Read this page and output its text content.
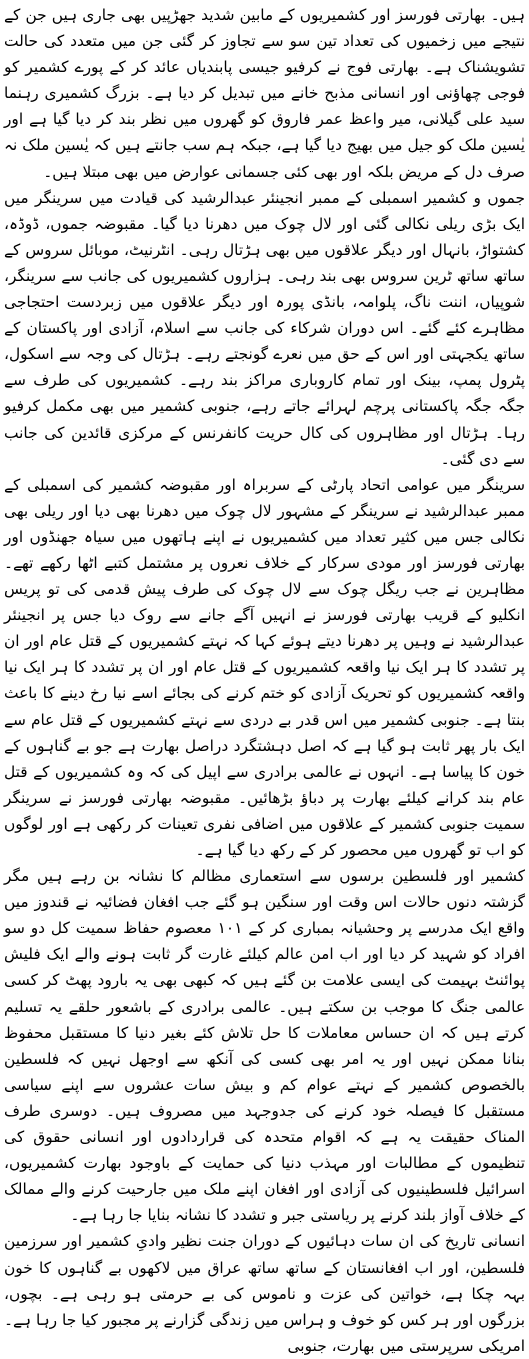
ہیں۔ بھارتی فورسز اور کشمیریوں کے مابین شدید جھڑپیں بھی جاری ہیں جن کے نتیجے میں زخمیوں کی تعداد تین سو سے تجاوز کر گئی جن میں متعدد کی حالت تشویشناک ہے۔ بھارتی فوج نے کرفیو جیسی پابندیاں عائد کر کے پورے کشمیر کو فوجی چھاؤنی اور انسانی مذبح خانے میں تبدیل کر دیا ہے۔ بزرگ کشمیری رہنما سید علی گیلانی، میر واعظ عمر فاروق کو گھروں میں نظر بند کر دیا گیا ہے اور یٰسین ملک کو جیل میں بھیج دیا گیا ہے، جبکہ ہم سب جانتے ہیں کہ یٰسین ملک نہ صرف دل کے مریض بلکہ اور بھی کئی جسمانی عوارض میں بھی مبتلا ہیں۔

جموں و کشمیر اسمبلی کے ممبر انجینئر عبدالرشید کی قیادت میں سرینگر میں ایک بڑی ریلی نکالی گئی اور لال چوک میں دھرنا دیا گیا۔ مقبوضہ جموں، ڈوڈہ، کشتواڑ، بانہال اور دیگر علاقوں میں بھی ہڑتال رہی۔ انٹرنیٹ، موبائل سروس کے ساتھ ساتھ ٹرین سروس بھی بند رہی۔ ہزاروں کشمیریوں کی جانب سے سرینگر، شوپیاں، اننت ناگ، پلوامہ، بانڈی پورہ اور دیگر علاقوں میں زبردست احتجاجی مظاہرے کئے گئے۔ اس دوران شرکاء کی جانب سے اسلام، آزادی اور پاکستان کے ساتھ یکجہتی اور اس کے حق میں نعرے گونجتے رہے۔ ہڑتال کی وجہ سے اسکول، پٹرول پمپ، بینک اور تمام کاروباری مراکز بند رہے۔ کشمیریوں کی طرف سے جگہ جگہ پاکستانی پرچم لہرائے جاتے رہے، جنوبی کشمیر میں بھی مکمل کرفیو رہا۔ ہڑتال اور مظاہروں کی کال حریت کانفرنس کے مرکزی قائدین کی جانب سے دی گئی۔

سرینگر میں عوامی اتحاد پارٹی کے سربراہ اور مقبوضہ کشمیر کی اسمبلی کے ممبر عبدالرشید نے سرینگر کے مشہور لال چوک میں دھرنا بھی دیا اور ریلی بھی نکالی جس میں کثیر تعداد میں کشمیریوں نے اپنے ہاتھوں میں سیاہ جھنڈوں اور بھارتی فورسز اور مودی سرکار کے خلاف نعروں پر مشتمل کتبے اٹھا رکھے تھے۔ مظاہرین نے جب ریگل چوک سے لال چوک کی طرف پیش قدمی کی تو پریس انکلیو کے قریب بھارتی فورسز نے انہیں آگے جانے سے روک دیا جس پر انجینئر عبدالرشید نے وہیں پر دھرنا دیتے ہوئے کہا کہ نہتے کشمیریوں کے قتل عام اور ان پر تشدد کا ہر ایک نیا واقعہ کشمیریوں کے قتل عام اور ان پر تشدد کا ہر ایک نیا واقعہ کشمیریوں کو تحریک آزادی کو ختم کرنے کی بجائے اسے نیا رخ دینے کا باعث بنتا ہے۔ جنوبی کشمیر میں اس قدر بے دردی سے نہتے کشمیریوں کے قتل عام سے ایک بار پھر ثابت ہو گیا ہے کہ اصل دہشتگرد دراصل بھارت ہے جو بے گناہوں کے خون کا پیاسا ہے۔ انہوں نے عالمی برادری سے اپیل کی کہ وہ کشمیریوں کے قتل عام بند کرانے کیلئے بھارت پر دباؤ بڑھائیں۔ مقبوضہ بھارتی فورسز نے سرینگر سمیت جنوبی کشمیر کے علاقوں میں اضافی نفری تعینات کر رکھی ہے اور لوگوں کو اب تو گھروں میں محصور کر کے رکھ دیا گیا ہے۔

کشمیر اور فلسطین برسوں سے استعماری مظالم کا نشانہ بن رہے ہیں مگر گزشتہ دنوں حالات اس وقت اور سنگین ہو گئے جب افغان فضائیہ نے قندوز میں واقع ایک مدرسے پر وحشیانہ بمباری کر کے ۱۰۱ معصوم حفاظ سمیت کل دو سو افراد کو شہید کر دیا اور اب امن عالم کیلئے غارت گر ثابت ہونے والے ایک فلیش پوائنٹ بہیمت کی ایسی علامت بن گئے ہیں کہ کبھی بھی یہ بارود پھٹ کر کسی عالمی جنگ کا موجب بن سکتے ہیں۔ عالمی برادری کے باشعور حلقے یہ تسلیم کرتے ہیں کہ ان حساس معاملات کا حل تلاش کئے بغیر دنیا کا مستقبل محفوظ بنانا ممکن نہیں اور یہ امر بھی کسی کی آنکھ سے اوجھل نہیں کہ فلسطین بالخصوص کشمیر کے نہتے عوام کم و بیش سات عشروں سے اپنے سیاسی مستقبل کا فیصلہ خود کرنے کی جدوجہد میں مصروف ہیں۔ دوسری طرف المناک حقیقت یہ ہے کہ اقوام متحدہ کی قراردادوں اور انسانی حقوق کی تنظیموں کے مطالبات اور مہذب دنیا کی حمایت کے باوجود بھارت کشمیریوں، اسرائیل فلسطینیوں کی آزادی اور افغان اپنے ملک میں جارحیت کرنے والے ممالک کے خلاف آواز بلند کرنے پر ریاستی جبر و تشدد کا نشانہ بنایا جا رہا ہے۔

انسانی تاریخ کی ان سات دہائیوں کے دوران جنت نظیر وادیِ کشمیر اور سرزمین فلسطین، اور اب افغانستان کے ساتھ ساتھ عراق میں لاکھوں بے گناہوں کا خون بہہ چکا ہے، خواتین کی عزت و ناموس کی بے حرمتی ہو رہی ہے۔ بچوں، بزرگوں اور ہر کس کو خوف و ہراس میں زندگی گزارنے پر مجبور کیا جا رہا ہے۔ امریکی سرپرستی میں بھارت، جنوبی
